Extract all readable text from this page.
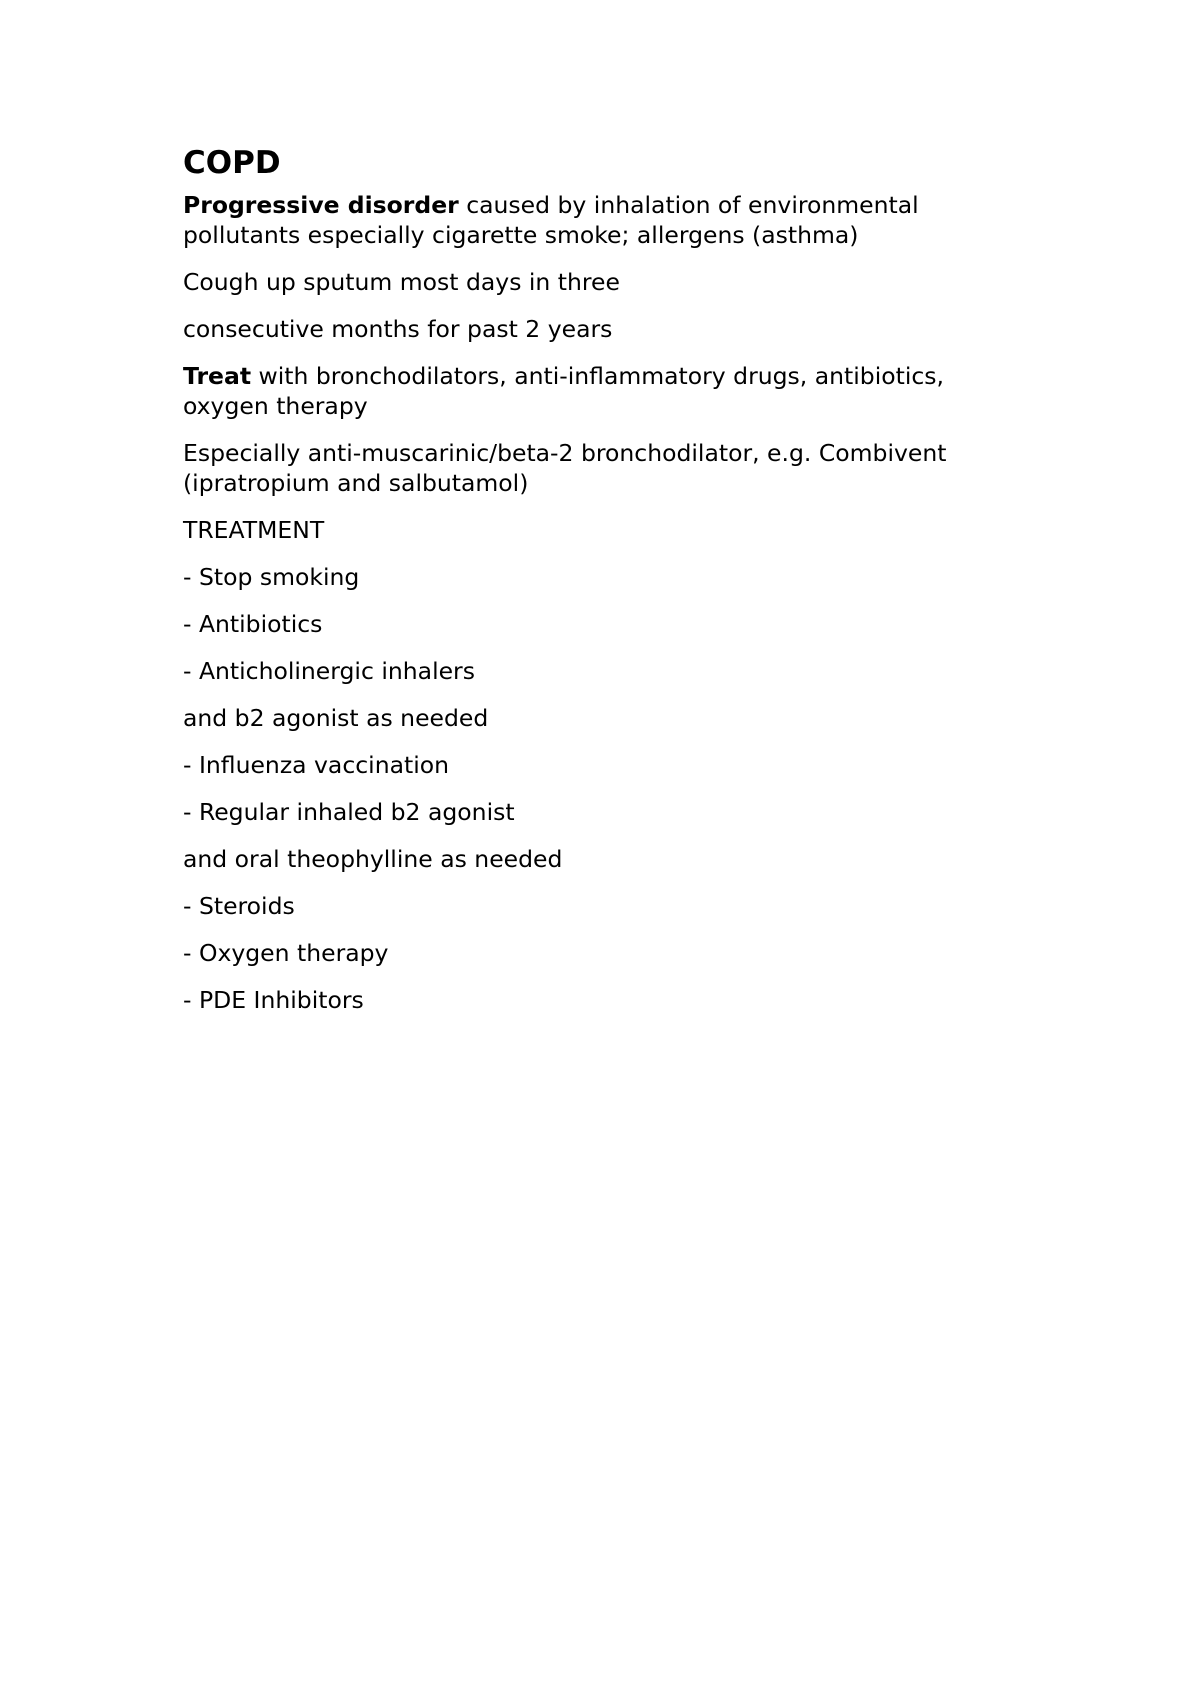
COPD

Progressive disorder caused by inhalation of environmental pollutants especially cigarette smoke; allergens (asthma)

Cough up sputum most days in three

consecutive months for past 2 years

Treat with bronchodilators, anti-inflammatory drugs, antibiotics, oxygen therapy

Especially anti-muscarinic/beta-2 bronchodilator, e.g. Combivent (ipratropium and salbutamol)

TREATMENT

- Stop smoking

- Antibiotics

- Anticholinergic inhalers

and b2 agonist as needed

- Influenza vaccination

- Regular inhaled b2 agonist

and oral theophylline as needed

- Steroids

- Oxygen therapy

- PDE Inhibitors
